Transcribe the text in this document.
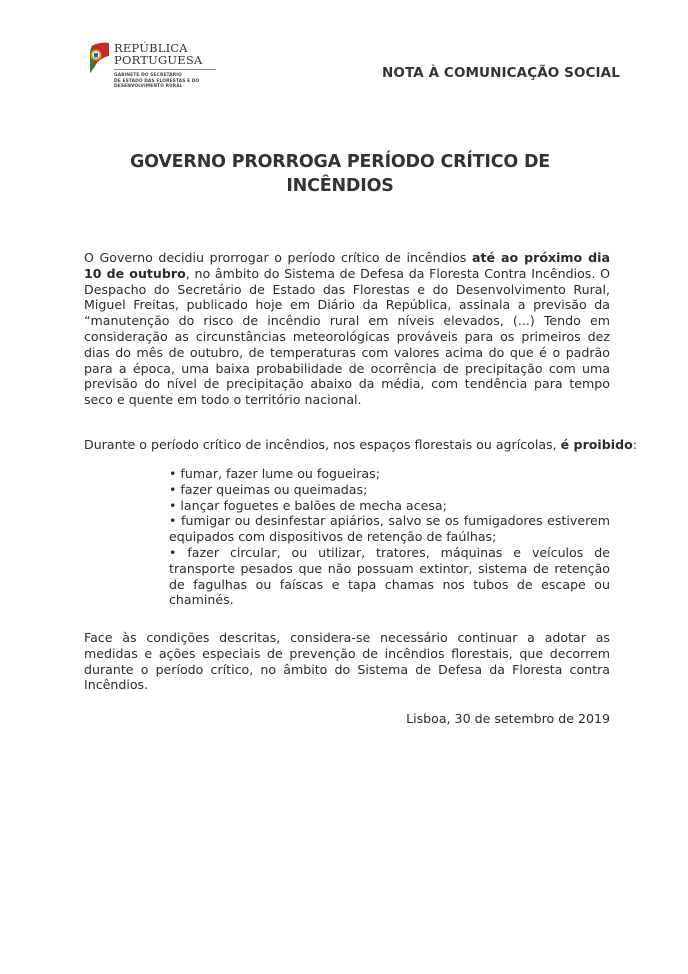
REPÚBLICA
PORTUGUESA
GABINETE DO SECRETÁRIO
DE ESTADO DAS FLORESTAS E DO
DESENVOLVIMENTO RURAL
NOTA À COMUNICAÇÃO SOCIAL
GOVERNO PRORROGA PERÍODO CRÍTICO DE
INCÊNDIOS
O Governo decidiu prorrogar o período crítico de incêndios até ao próximo dia 10 de outubro, no âmbito do Sistema de Defesa da Floresta Contra Incêndios. O Despacho do Secretário de Estado das Florestas e do Desenvolvimento Rural, Miguel Freitas, publicado hoje em Diário da República, assinala a previsão da “manutenção do risco de incêndio rural em níveis elevados, (...) Tendo em consideração as circunstâncias meteorológicas prováveis para os primeiros dez dias do mês de outubro, de temperaturas com valores acima do que é o padrão para a época, uma baixa probabilidade de ocorrência de precipitação com uma previsão do nível de precipitação abaixo da média, com tendência para tempo seco e quente em todo o território nacional.
Durante o período crítico de incêndios, nos espaços florestais ou agrícolas, é proibido:
• fumar, fazer lume ou fogueiras;
• fazer queimas ou queimadas;
• lançar foguetes e balões de mecha acesa;
• fumigar ou desinfestar apiários, salvo se os fumigadores estiverem equipados com dispositivos de retenção de faúlhas;
• fazer circular, ou utilizar, tratores, máquinas e veículos de transporte pesados que não possuam extintor, sistema de retenção de fagulhas ou faíscas e tapa chamas nos tubos de escape ou chaminés.
Face às condições descritas, considera-se necessário continuar a adotar as medidas e ações especiais de prevenção de incêndios florestais, que decorrem durante o período crítico, no âmbito do Sistema de Defesa da Floresta contra Incêndios.
Lisboa, 30 de setembro de 2019
